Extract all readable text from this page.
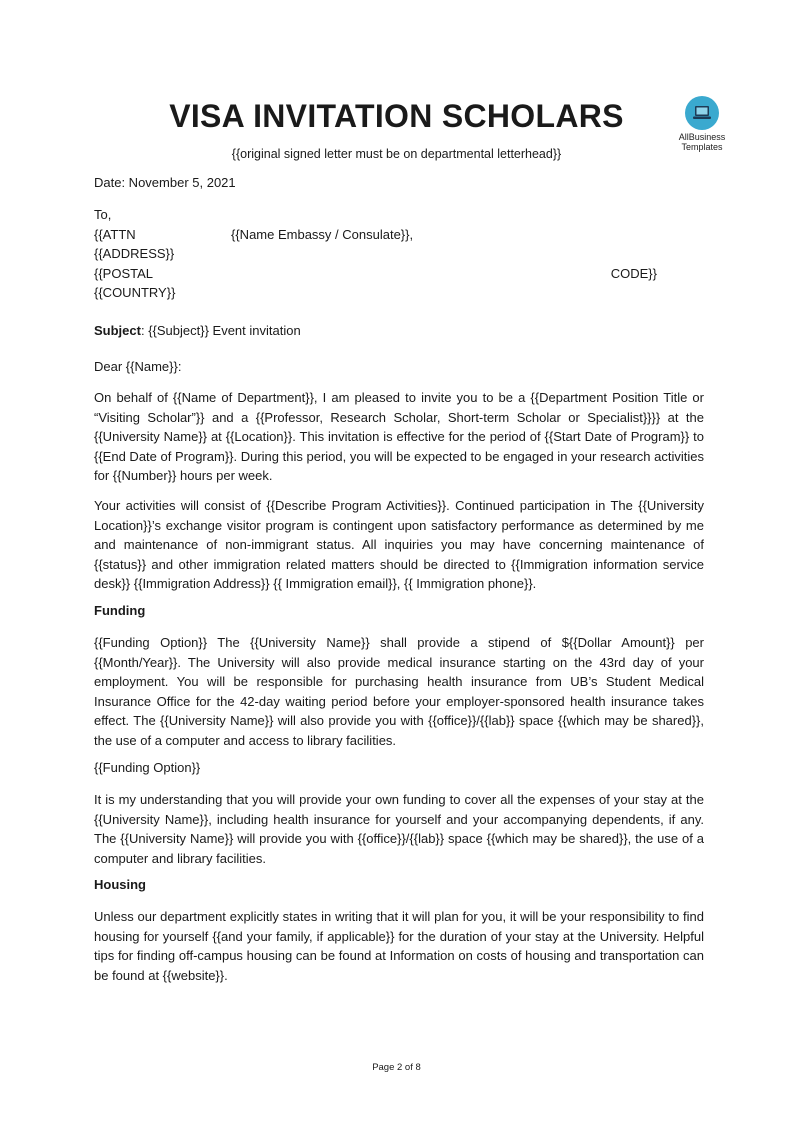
VISA INVITATION SCHOLARS
{{original signed letter must be on departmental letterhead}}
AllBusiness
Templates
Date: November 5, 2021
To,
{{ATTN	{{Name Embassy / Consulate}},
{{ADDRESS}}
{{POSTAL	CODE}}
{{COUNTRY}}
Subject: {{Subject}} Event invitation
Dear {{Name}}:

On behalf of {{Name of Department}}, I am pleased to invite you to be a {{Department Position Title or “Visiting Scholar”}} and a {{Professor, Research Scholar, Short-term Scholar or Specialist}}}} at the {{University Name}} at {{Location}}. This invitation is effective for the period of {{Start Date of Program}} to {{End Date of Program}}. During this period, you will be expected to be engaged in your research activities for {{Number}} hours per week.

Your activities will consist of {{Describe Program Activities}}. Continued participation in The {{University Location}}’s exchange visitor program is contingent upon satisfactory performance as determined by me and maintenance of non-immigrant status. All inquiries you may have concerning maintenance of {{status}} and other immigration related matters should be directed to {{Immigration information service desk}} {{Immigration Address}} {{ Immigration email}}, {{ Immigration phone}}.

Funding

{{Funding Option}} The {{University Name}} shall provide a stipend of ${{Dollar Amount}} per {{Month/Year}}. The University will also provide medical insurance starting on the 43rd day of your employment. You will be responsible for purchasing health insurance from UB’s Student Medical Insurance Office for the 42-day waiting period before your employer-sponsored health insurance takes effect. The {{University Name}} will also provide you with {{office}}/{{lab}} space {{which may be shared}}, the use of a computer and access to library facilities.

{{Funding Option}}

It is my understanding that you will provide your own funding to cover all the expenses of your stay at the {{University Name}}, including health insurance for yourself and your accompanying dependents, if any. The {{University Name}} will provide you with {{office}}/{{lab}} space {{which may be shared}}, the use of a computer and library facilities.

Housing

Unless our department explicitly states in writing that it will plan for you, it will be your responsibility to find housing for yourself {{and your family, if applicable}} for the duration of your stay at the University. Helpful tips for finding off-campus housing can be found at Information on costs of housing and transportation can be found at {{website}}.

Page 2 of 8
